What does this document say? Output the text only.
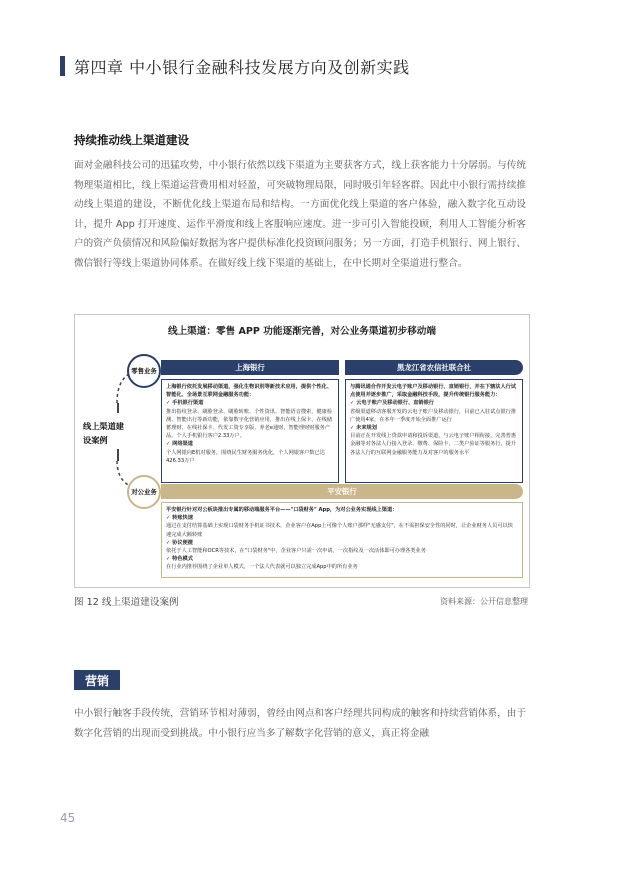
第四章 中小银行金融科技发展方向及创新实践
持续推动线上渠道建设

面对金融科技公司的迅猛攻势，中小银行依然以线下渠道为主要获客方式，线上获客能力十分孱弱。与传统物理渠道相比，线上渠道运营费用相对轻盈，可突破物理局限，同时吸引年轻客群。因此中小银行需持续推动线上渠道的建设，不断优化线上渠道布局和结构。一方面优化线上渠道的客户体验，融入数字化互动设计，提升 App 打开速度、运作平滑度和线上客服响应速度。进一步可引入智能投顾，利用人工智能分析客户的资产负债情况和风险偏好数据为客户提供标准化投资顾问服务；另一方面，打造手机银行、网上银行、微信银行等线上渠道协同体系。在做好线上线下渠道的基础上，在中长期对全渠道进行整合。

线上渠道：零售 APP 功能逐渐完善，对公业务渠道初步移动端
线上渠道建设案例
零售业务
对公业务
上海银行	黑龙江省农信社联合社
上海银行依托发展移动渠道，强化生物识别等新技术应用，提供个性化、智能化、全场景互联网金融服务功能：
✓ 手机银行渠道
推出指纹登录、刷脸登录、刷脸转账、个性资讯、智能语音搜索、健康检测、智能出行等新功能，依靠数字化营销应用，推出在线上保卡、在线储蓄理财、在线社保卡、代发工资专享版、养老e通财、智能理财财服务产品。个人手机银行客户2.33万户。
✓ 网络渠道
个人网银向E机对服务，围绕民生财务服务优化，个人网银客户数已达426.33万户
与腾讯通合作开发云电子账户及移动银行、直销银行，并在下辖法人行试点使用并逐步推广，采取金融科技手段，提升传统银行服务能力：
✓ 云电子账户及移动银行、直销银行
省级渠道移动客服开发的云电子账户及移动银行，目前已入驻试点银行推广使用4家，在本年一季度开始全面推广运行
✓ 未来规划
目前正在开发线上贷款申请和投诉渠道，与云电子账户相衔接，完善普惠金融等对各法人行接入登录、缴费、保险卡、二类户验证等服务行，提升各法人行的互联网金融服务能力及对客户的服务水平
平安银行
平安银行针对对公板块推出专属的移动端服务平台——"口袋财务" App，为对公业务实现线上渠道：
✓ 转账快速
通过在支付结算基础上实现口袋财务手机证书技术，企业客户在App上可像个人账户那样"无感支付"，在不需担保安全性的同时，让企业财务人员可以快速完成大额转账
✓ 协议便捷
依托于人工智能和OCR等技术，在"口袋财务"中，企业客户只需一次申请，一次指纹及一次活体即可办理各类业务
✓ 特色模式
在行业内推荐围绕了企业单人模式，一个法人代表就可以独立完成App中的所有业务
图 12 线上渠道建设案例	资料来源：公开信息整理
营销

中小银行触客手段传统，营销环节相对薄弱，曾经由网点和客户经理共同构成的触客和持续营销体系，由于数字化营销的出现而受到挑战。中小银行应当多了解数字化营销的意义，真正将金融

45
